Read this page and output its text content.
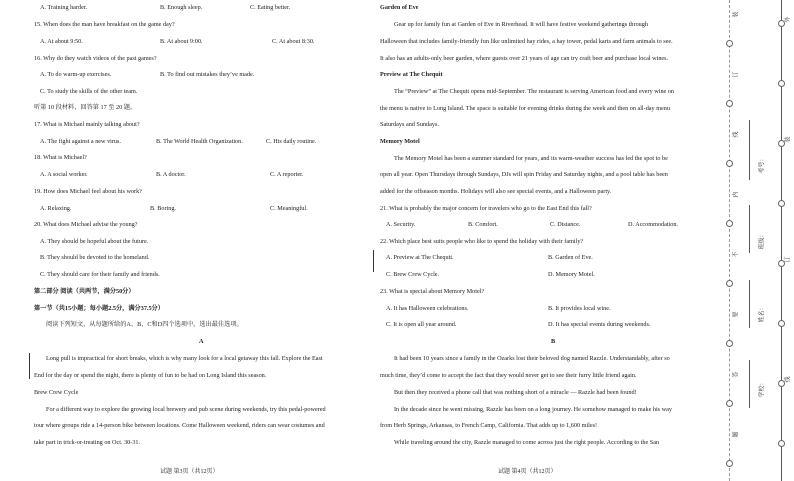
A. Training harder.	B. Enough sleep.	C. Eating better.
15. When does the man have breakfast on the game day?
A. At about 9:50.	B. At about 9:00.	C. At about 8:30.
16. Why do they watch videos of the past games?
A. To do warm-up exercises.	B. To find out mistakes they’ve made.
C. To study the skills of the other team.
听第 10 段材料，回答第 17 至 20 题。
17. What is Michael mainly talking about?
A. The fight against a new virus.	B. The World Health Organization.	C. His daily routine.
18. What is Michael?
A. A social worker.	B. A doctor.	C. A reporter.
19. How does Michael feel about his work?
A. Relaxing.	B. Boring.	C. Meaningful.
20. What does Michael advise the young?
A. They should be hopeful about the future.
B. They should be devoted to the homeland.
C. They should care for their family and friends.
第二部分 阅读（共两节，满分50分）
第一节（共15小题；每小题2.5分，满分37.5分）
阅读下列短文，从每题所给的A、B、C和D四个选项中，选出最佳选项。
A
Long pull is impractical for short breaks, which is why many look for a local getaway this fall. Explore the East
End for the day or spend the night, there is plenty of fun to be had on Long Island this season.
Brew Crew Cycle
For a different way to explore the growing local brewery and pub scene during weekends, try this pedal-powered
tour where groups ride a 14-person bike between locations. Come Halloween weekend, riders can wear costumes and
take part in trick-or-treating on Oct. 30-31.
Garden of Eve
Gear up for family fun at Garden of Eve in Riverhead. It will have festive weekend gatherings through
Halloween that includes family-friendly fun like unlimited hay rides, a hay tower, pedal karts and farm animals to see.
It also has an adults-only beer garden, where guests over 21 years of age can try craft beer and purchase local wines.
Preview at The Chequit
The “Preview” at The Chequit opens mid-September. The restaurant is serving American food and every wine on
the menu is native to Long Island. The space is suitable for evening drinks during the week and then on all-day menu
Saturdays and Sundays.
Memory Motel
The Memory Motel has been a summer standard for years, and its warm-weather success has led the spot to be
open all year. Open Thursdays through Sundays, DJs will spin Friday and Saturday nights, and a pool table has been
added for the offseason months. Holidays will also see special events, and a Halloween party.
21. What is probably the major concern for travelers who go to the East End this fall?
A. Security.	B. Comfort.	C. Distance.	D. Accommodation.
22. Which place best suits people who like to spend the holiday with their family?
A. Preview at The Chequit.	B. Garden of Eve.
C. Brew Crew Cycle.	D. Memory Motel.
23. What is special about Memory Motel?
A. It has Halloween celebrations.	B. It provides local wine.
C. It is open all year around.	D. It has special events during weekends.
B
It had been 10 years since a family in the Ozarks lost their beloved dog named Razzle. Understandably, after so
much time, they’d come to accept the fact that they would never get to see their furry little friend again.
But then they received a phone call that was nothing short of a miracle — Razzle had been found!
In the decade since he went missing, Razzle has been on a long journey. He somehow managed to make his way
from Herb Springs, Arkansas, to French Camp, California. That adds up to 1,600 miles!
While traveling around the city, Razzle managed to come across just the right people. According to the San
试题 第3页（共12页）	试题 第4页（共12页）
学校：
姓名：
班级：
考号：
装
订
线
内
不
要
答
题
外
装
订
线
